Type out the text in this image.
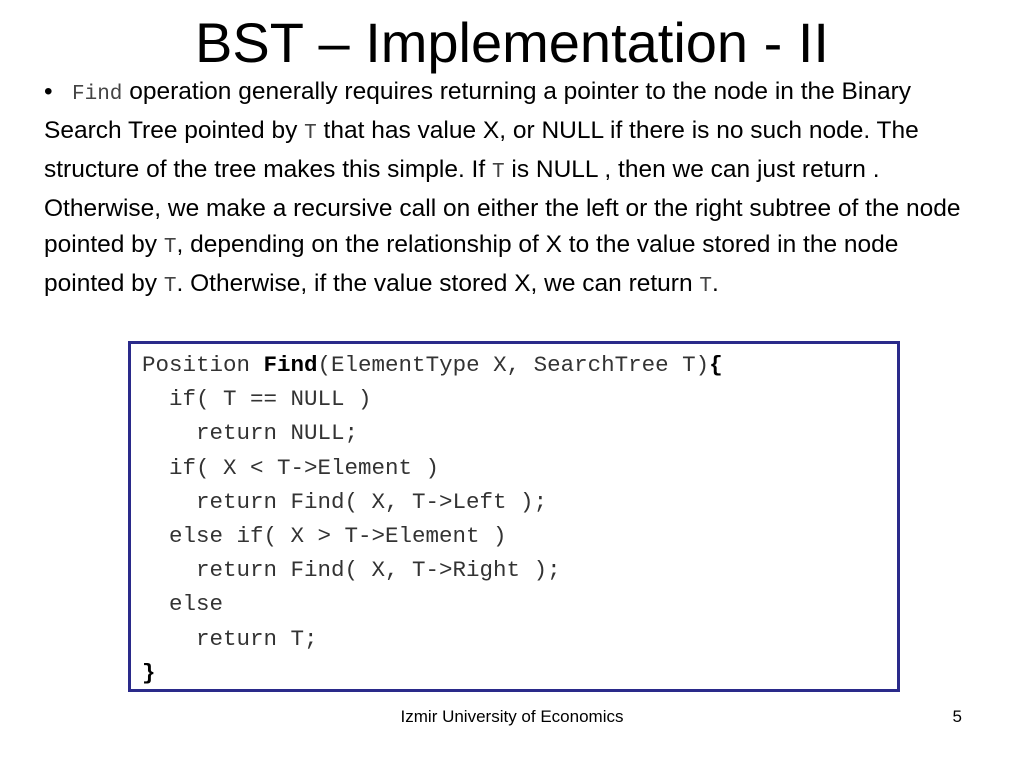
BST – Implementation - II
• Find operation generally requires returning a pointer to the node in the Binary Search Tree pointed by T that has value X, or NULL if there is no such node. The structure of the tree makes this simple. If T is NULL , then we can just return . Otherwise, we make a recursive call on either the left or the right subtree of the node pointed by T, depending on the relationship of X to the value stored in the node pointed by T. Otherwise, if the value stored X, we can return T.
Position Find(ElementType X, SearchTree T){
if( T == NULL )
return NULL;
if( X < T->Element )
return Find( X, T->Left );
else if( X > T->Element )
return Find( X, T->Right );
else
return T;
}
Izmir University of Economics	5
